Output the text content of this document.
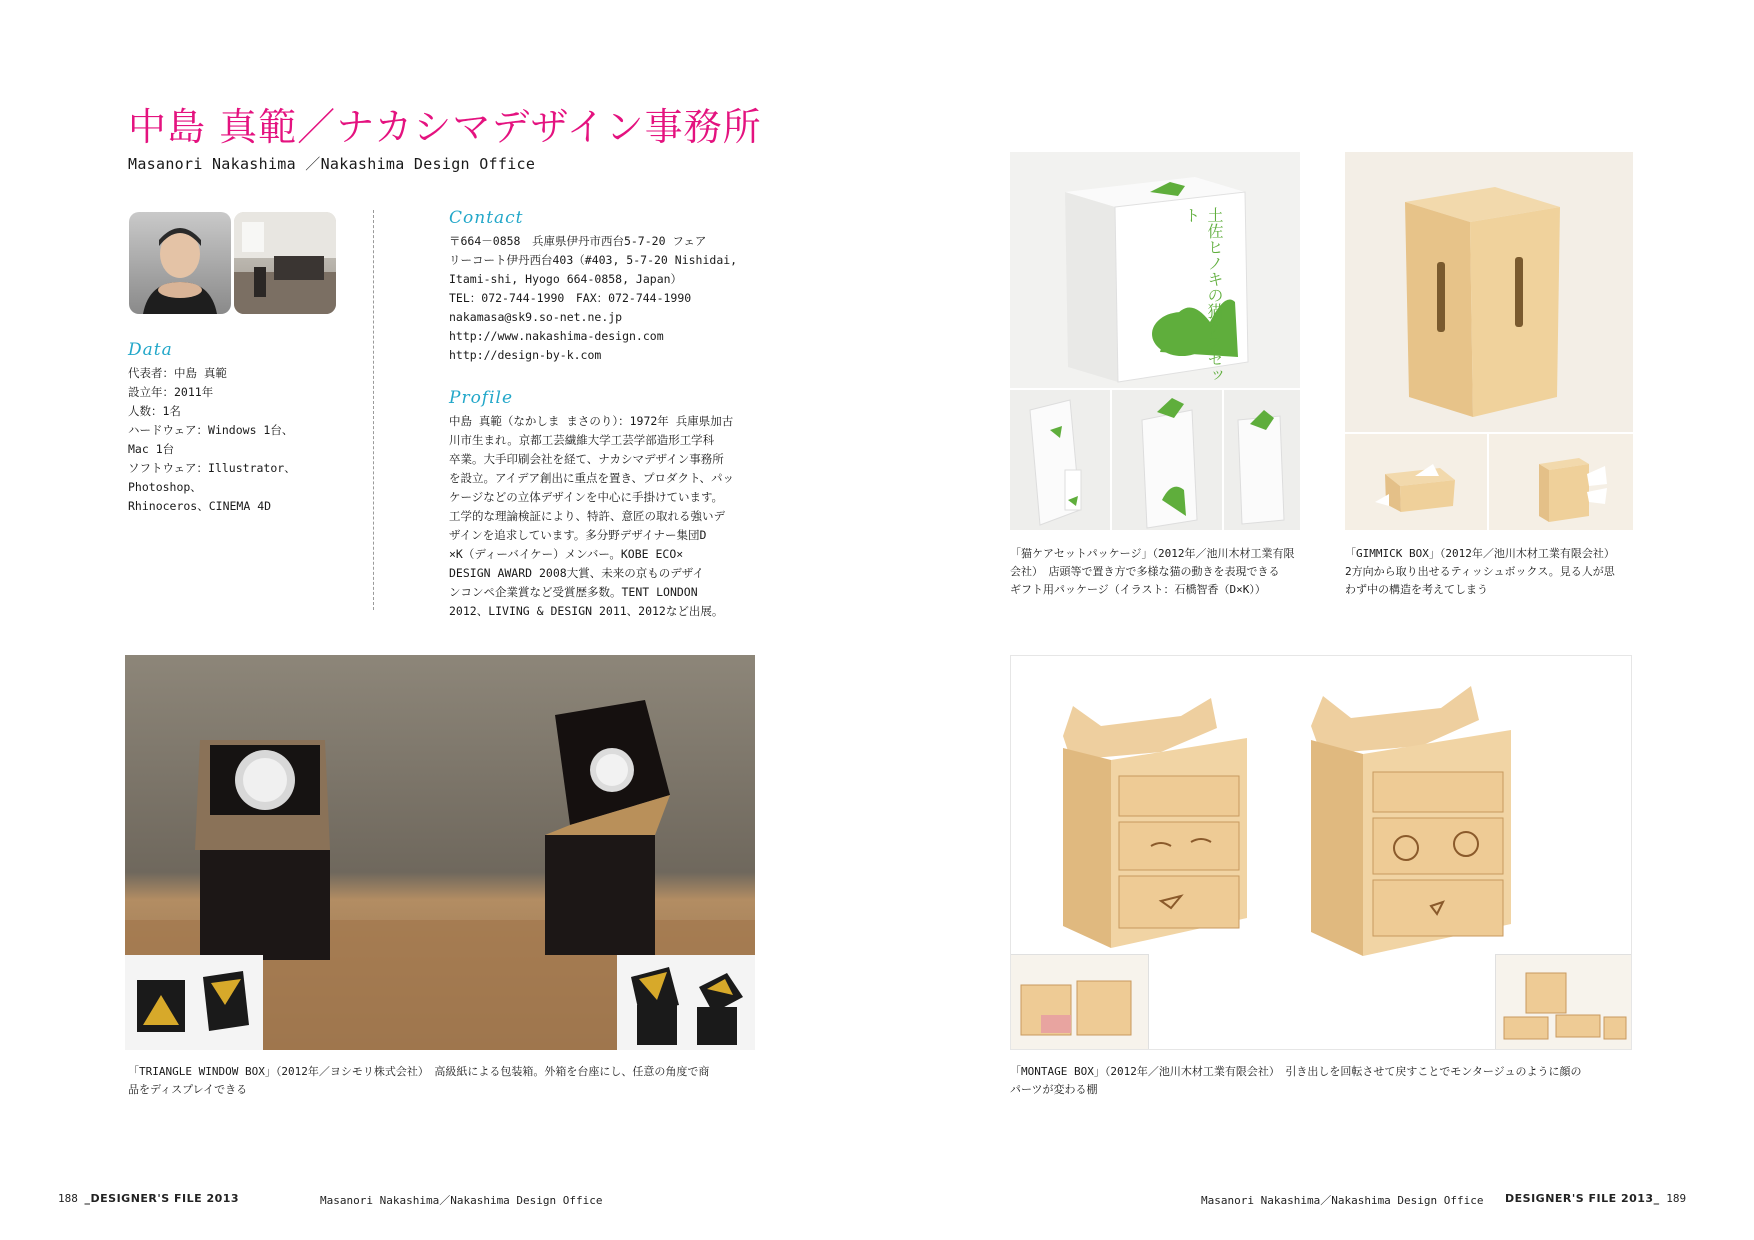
中島 真範／ナカシマデザイン事務所
Masanori Nakashima ／Nakashima Design Office
Data
代表者：中島 真範
設立年：2011年
人数：1名
ハードウェア：Windows 1台、
Mac 1台
ソフトウェア：Illustrator、Photoshop、
Rhinoceros、CINEMA 4D
Contact
〒664－0858　兵庫県伊丹市西台5-7-20 フェア
リーコート伊丹西台403（#403, 5-7-20 Nishidai,
Itami-shi, Hyogo 664-0858, Japan）
TEL：072-744-1990　FAX：072-744-1990
nakamasa@sk9.so-net.ne.jp
http://www.nakashima-design.com
http://design-by-k.com
Profile
中島 真範（なかしま まさのり）：1972年 兵庫県加古
川市生まれ。京都工芸繊維大学工芸学部造形工学科
卒業。大手印刷会社を経て、ナカシマデザイン事務所
を設立。アイデア創出に重点を置き、プロダクト、パッ
ケージなどの立体デザインを中心に手掛けています。
工学的な理論検証により、特許、意匠の取れる強いデ
ザインを追求しています。多分野デザイナー集団D
×K（ディーバイケー）メンバー。KOBE ECO×
DESIGN AWARD 2008大賞、未来の京ものデザイ
ンコンペ企業賞など受賞歴多数。TENT LONDON
2012、LIVING & DESIGN 2011、2012など出展。
「TRIANGLE WINDOW BOX」（2012年／ヨシモリ株式会社）　高級紙による包装箱。外箱を台座にし、任意の角度で商
品をディスプレイできる
土佐ヒノキの猫ケアセット
「猫ケアセットパッケージ」（2012年／池川木材工業有限
会社）　店頭等で置き方で多様な猫の動きを表現できる
ギフト用パッケージ（イラスト：石橋智香（D×K））
「GIMMICK BOX」（2012年／池川木材工業有限会社）
2方向から取り出せるティッシュボックス。見る人が思
わず中の構造を考えてしまう
「MONTAGE BOX」（2012年／池川木材工業有限会社）　引き出しを回転させて戻すことでモンタージュのように顔の
パーツが変わる棚
188 _DESIGNER'S FILE 2013	Masanori Nakashima／Nakashima Design Office	Masanori Nakashima／Nakashima Design Office DESIGNER'S FILE 2013_ 189
